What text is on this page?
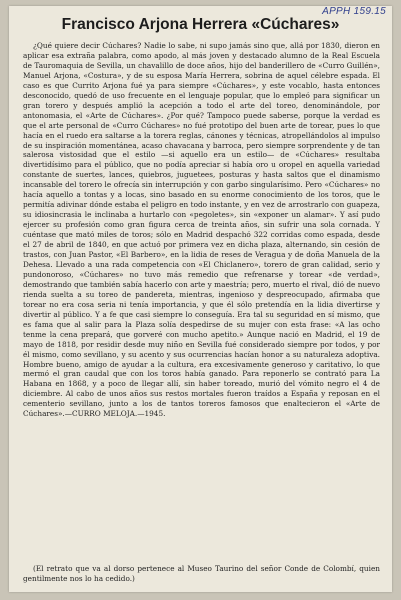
APPH 159.15
Francisco Arjona Herrera «Cúchares»

¿Qué quiere decir Cúchares? Nadie lo sabe, ni supo jamás sino que, allá por 1830, dieron en aplicar esa extraña palabra, como apodo, al más joven y destacado alumno de la Real Escuela de Tauromaquia de Sevilla, un chavalillo de doce años, hijo del banderillero de «Curro Guillén», Manuel Arjona, «Costura», y de su esposa María Herrera, sobrina de aquel célebre espada. El caso es que Currito Arjona fué ya para siempre «Cúchares», y este vocablo, hasta entonces desconocido, quedó de uso frecuente en el lenguaje popular, que lo empleó para significar un gran torero y después amplió la acepción a todo el arte del toreo, denominándole, por antonomasia, el «Arte de Cúchares». ¿Por qué? Tampoco puede saberse, porque la verdad es que el arte personal de «Curro Cúchares» no fué prototipo del buen arte de torear, pues lo que hacía en el ruedo era saltarse a la torera reglas, cánones y técnicas, atropellándolos al impulso de su inspiración momentánea, acaso chavacana y barroca, pero siempre sorprendente y de tan salerosa vistosidad que el estilo —si aquello era un estilo— de «Cúchares» resultaba divertidísimo para el público, que no podía apreciar si había oro u oropel en aquella variedad constante de suertes, lances, quiebros, juguetees, posturas y hasta saltos que el dinamismo incansable del torero le ofrecía sin interrupción y con garbo singularísimo. Pero «Cúchares» no hacía aquello a tontas y a locas, sino basado en su enorme conocimiento de los toros, que le permitía adivinar dónde estaba el peligro en todo instante, y en vez de arrostrarlo con guapeza, su idiosincrasia le inclinaba a hurtarlo con «pegoletes», sin «exponer un alamar». Y así pudo ejercer su profesión como gran figura cerca de treinta años, sin sufrir una sola cornada. Y cuéntase que mató miles de toros; sólo en Madrid despachó 322 corridas como espada, desde el 27 de abril de 1840, en que actuó por primera vez en dicha plaza, alternando, sin cesión de trastos, con Juan Pastor, «El Barbero», en la lidia de reses de Veragua y de doña Manuela de la Dehesa. Llevado a una rada competencia con «El Chiclanero», torero de gran calidad, serio y pundonoroso, «Cúchares» no tuvo más remedio que refrenarse y torear «de verdad», demostrando que también sabía hacerlo con arte y maestría; pero, muerto el rival, dió de nuevo rienda suelta a su toreo de pandereta, mientras, ingenioso y despreocupado, afirmaba que torear no era cosa seria ni tenía importancia, y que él sólo pretendía en la lidia divertirse y divertir al público. Y a fe que casi siempre lo conseguía. Era tal su seguridad en sí mismo, que es fama que al salir para la Plaza solía despedirse de su mujer con esta frase: «A las ocho tenme la cena prepará, que gorveré con mucho apetito.» Aunque nació en Madrid, el 19 de mayo de 1818, por residir desde muy niño en Sevilla fué considerado siempre por todos, y por él mismo, como sevillano, y su acento y sus ocurrencias hacían honor a su naturaleza adoptiva. Hombre bueno, amigo de ayudar a la cultura, era excesivamente generoso y caritativo, lo que mermó el gran caudal que con los toros había ganado. Para reponerlo se contrató para La Habana en 1868, y a poco de llegar allí, sin haber toreado, murió del vómito negro el 4 de diciembre. Al cabo de unos años sus restos mortales fueron traídos a España y reposan en el cementerio sevillano, junto a los de tantos toreros famosos que enaltecieron el «Arte de Cúchares».—CURRO MELOJA.—1945.

(El retrato que va al dorso pertenece al Museo Taurino del señor Conde de Colombí, quien gentilmente nos lo ha cedido.)
